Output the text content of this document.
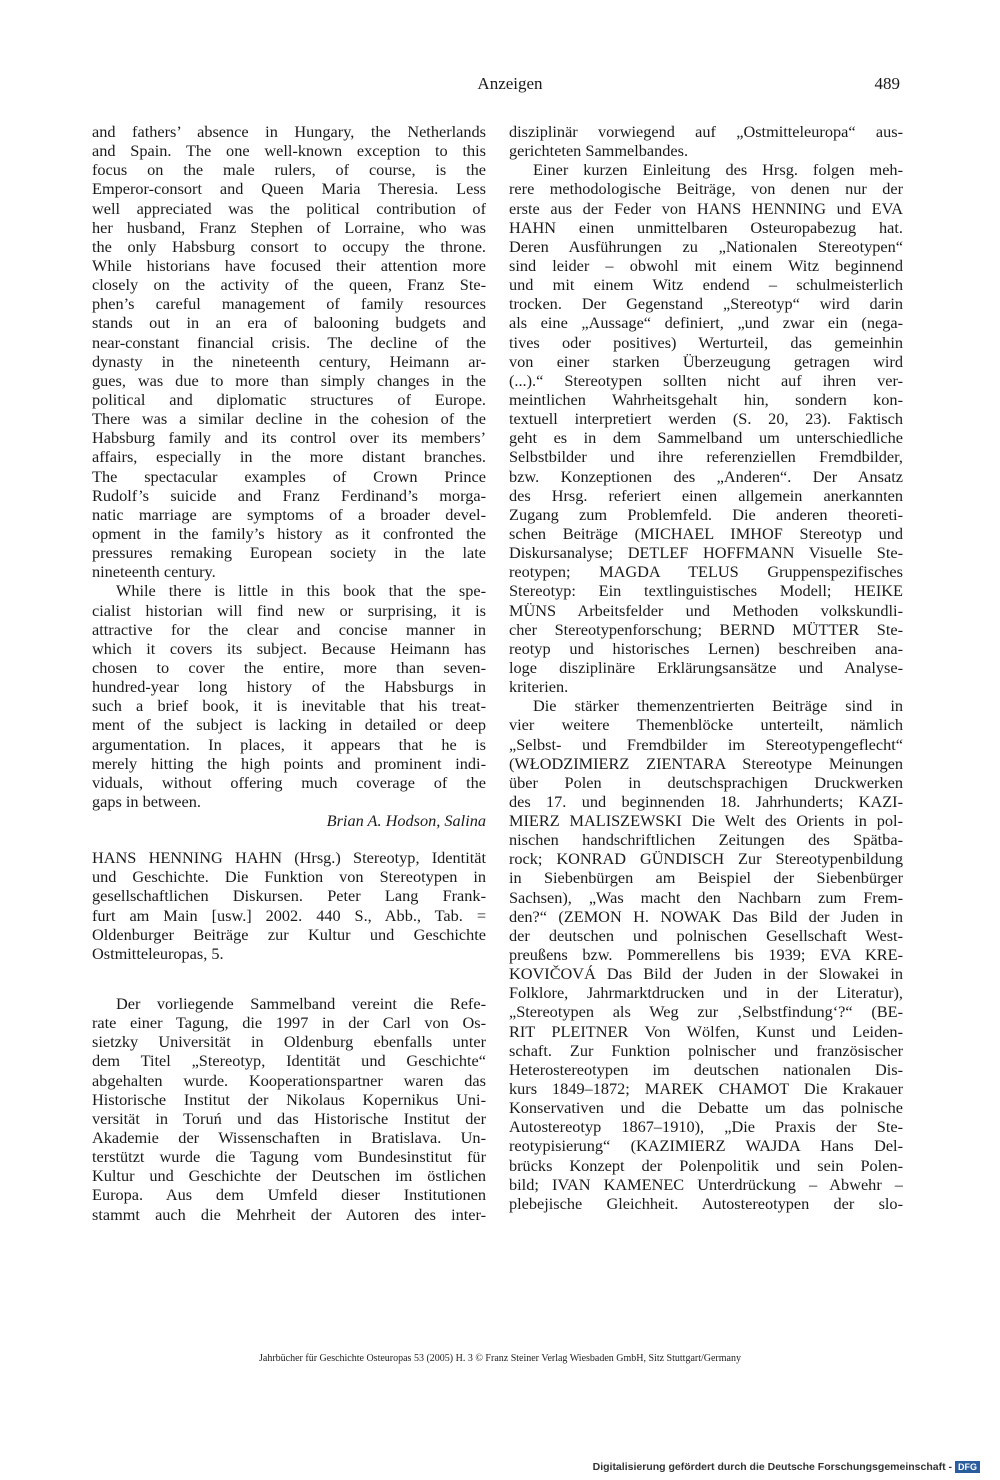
Anzeigen	489
and fathers’ absence in Hungary, the Netherlands
and Spain. The one well-known exception to this
focus on the male rulers, of course, is the
Emperor-consort and Queen Maria Theresia. Less
well appreciated was the political contribution of
her husband, Franz Stephen of Lorraine, who was
the only Habsburg consort to occupy the throne.
While historians have focused their attention more
closely on the activity of the queen, Franz Ste-
phen’s careful management of family resources
stands out in an era of balooning budgets and
near-constant financial crisis. The decline of the
dynasty in the nineteenth century, Heimann ar-
gues, was due to more than simply changes in the
political and diplomatic structures of Europe.
There was a similar decline in the cohesion of the
Habsburg family and its control over its members’
affairs, especially in the more distant branches.
The spectacular examples of Crown Prince
Rudolf’s suicide and Franz Ferdinand’s morga-
natic marriage are symptoms of a broader devel-
opment in the family’s history as it confronted the
pressures remaking European society in the late
nineteenth century.
While there is little in this book that the spe-
cialist historian will find new or surprising, it is
attractive for the clear and concise manner in
which it covers its subject. Because Heimann has
chosen to cover the entire, more than seven-
hundred-year long history of the Habsburgs in
such a brief book, it is inevitable that his treat-
ment of the subject is lacking in detailed or deep
argumentation. In places, it appears that he is
merely hitting the high points and prominent indi-
viduals, without offering much coverage of the
gaps in between.
Brian A. Hodson, Salina
HANS HENNING HAHN (Hrsg.) Stereotyp, Identität
und Geschichte. Die Funktion von Stereotypen in
gesellschaftlichen Diskursen. Peter Lang Frank-
furt am Main [usw.] 2002. 440 S., Abb., Tab. =
Oldenburger Beiträge zur Kultur und Geschichte
Ostmitteleuropas, 5.
Der vorliegende Sammelband vereint die Refe-
rate einer Tagung, die 1997 in der Carl von Os-
sietzky Universität in Oldenburg ebenfalls unter
dem Titel „Stereotyp, Identität und Geschichte“
abgehalten wurde. Kooperationspartner waren das
Historische Institut der Nikolaus Kopernikus Uni-
versität in Toruń und das Historische Institut der
Akademie der Wissenschaften in Bratislava. Un-
terstützt wurde die Tagung vom Bundesinstitut für
Kultur und Geschichte der Deutschen im östlichen
Europa. Aus dem Umfeld dieser Institutionen
stammt auch die Mehrheit der Autoren des inter-
disziplinär vorwiegend auf „Ostmitteleuropa“ aus-
gerichteten Sammelbandes.
Einer kurzen Einleitung des Hrsg. folgen meh-
rere methodologische Beiträge, von denen nur der
erste aus der Feder von HANS HENNING und EVA
HAHN einen unmittelbaren Osteuropabezug hat.
Deren Ausführungen zu „Nationalen Stereotypen“
sind leider – obwohl mit einem Witz beginnend
und mit einem Witz endend – schulmeisterlich
trocken. Der Gegenstand „Stereotyp“ wird darin
als eine „Aussage“ definiert, „und zwar ein (nega-
tives oder positives) Werturteil, das gemeinhin
von einer starken Überzeugung getragen wird
(...).“ Stereotypen sollten nicht auf ihren ver-
meintlichen Wahrheitsgehalt hin, sondern kon-
textuell interpretiert werden (S. 20, 23). Faktisch
geht es in dem Sammelband um unterschiedliche
Selbstbilder und ihre referenziellen Fremdbilder,
bzw. Konzeptionen des „Anderen“. Der Ansatz
des Hrsg. referiert einen allgemein anerkannten
Zugang zum Problemfeld. Die anderen theoreti-
schen Beiträge (MICHAEL IMHOF Stereotyp und
Diskursanalyse; DETLEF HOFFMANN Visuelle Ste-
reotypen; MAGDA TELUS Gruppenspezifisches
Stereotyp: Ein textlinguistisches Modell; HEIKE
MÜNS Arbeitsfelder und Methoden volkskundli-
cher Stereotypenforschung; BERND MÜTTER Ste-
reotyp und historisches Lernen) beschreiben ana-
loge disziplinäre Erklärungsansätze und Analyse-
kriterien.
Die stärker themenzentrierten Beiträge sind in
vier weitere Themenblöcke unterteilt, nämlich
„Selbst- und Fremdbilder im Stereotypengeflecht“
(WŁODZIMIERZ ZIENTARA Stereotype Meinungen
über Polen in deutschsprachigen Druckwerken
des 17. und beginnenden 18. Jahrhunderts; KAZI-
MIERZ MALISZEWSKI Die Welt des Orients in pol-
nischen handschriftlichen Zeitungen des Spätba-
rock; KONRAD GÜNDISCH Zur Stereotypenbildung
in Siebenbürgen am Beispiel der Siebenbürger
Sachsen), „Was macht den Nachbarn zum Frem-
den?“ (ZEMON H. NOWAK Das Bild der Juden in
der deutschen und polnischen Gesellschaft West-
preußens bzw. Pommerellens bis 1939; EVA KRE-
KOVIČOVÁ Das Bild der Juden in der Slowakei in
Folklore, Jahrmarktdrucken und in der Literatur),
„Stereotypen als Weg zur ‚Selbstfindung‘?“ (BE-
RIT PLEITNER Von Wölfen, Kunst und Leiden-
schaft. Zur Funktion polnischer und französischer
Heterostereotypen im deutschen nationalen Dis-
kurs 1849–1872; MAREK CHAMOT Die Krakauer
Konservativen und die Debatte um das polnische
Autostereotyp 1867–1910), „Die Praxis der Ste-
reotypisierung“ (KAZIMIERZ WAJDA Hans Del-
brücks Konzept der Polenpolitik und sein Polen-
bild; IVAN KAMENEC Unterdrückung – Abwehr –
plebejische Gleichheit. Autostereotypen der slo-
Jahrbücher für Geschichte Osteuropas 53 (2005) H. 3 © Franz Steiner Verlag Wiesbaden GmbH, Sitz Stuttgart/Germany
Digitalisierung gefördert durch die Deutsche Forschungsgemeinschaft - DFG
